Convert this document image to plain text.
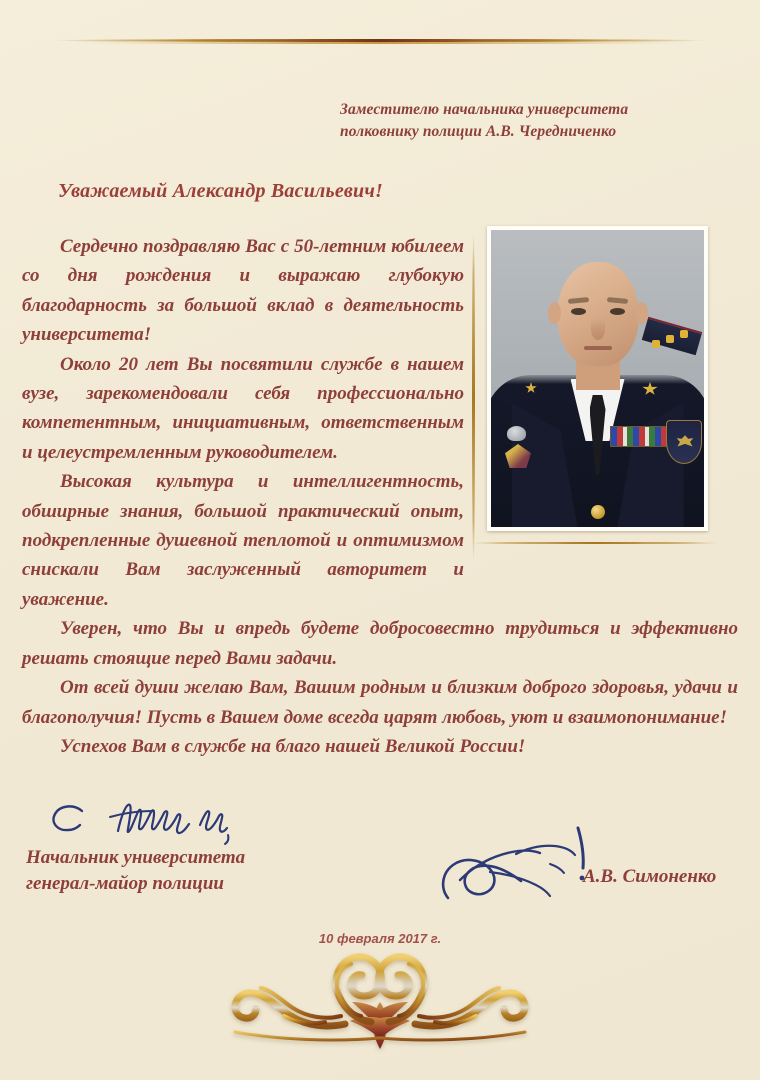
Заместителю начальника университета
полковнику полиции А.В. Чередниченко
Уважаемый Александр Васильевич!

Сердечно поздравляю Вас с 50-летним юбилеем со дня рождения и выражаю глубокую благодарность за большой вклад в деятельность университета!

Около 20 лет Вы посвятили службе в нашем вузе, зарекомендовали себя профессионально компетентным, инициативным, ответственным и целеустремленным руководителем.

Высокая культура и интеллигентность, обширные знания, большой практический опыт, подкрепленные душевной теплотой и оптимизмом снискали Вам заслуженный авторитет и уважение.

Уверен, что Вы и впредь будете добросовестно трудиться и эффективно решать стоящие перед Вами задачи.

От всей души желаю Вам, Вашим родным и близким доброго здоровья, удачи и благополучия! Пусть в Вашем доме всегда царят любовь, уют и взаимопонимание!

Успехов Вам в службе на благо нашей Великой России!

Начальник университета
генерал-майор полиции	А.В. Симоненко
10 февраля 2017 г.
